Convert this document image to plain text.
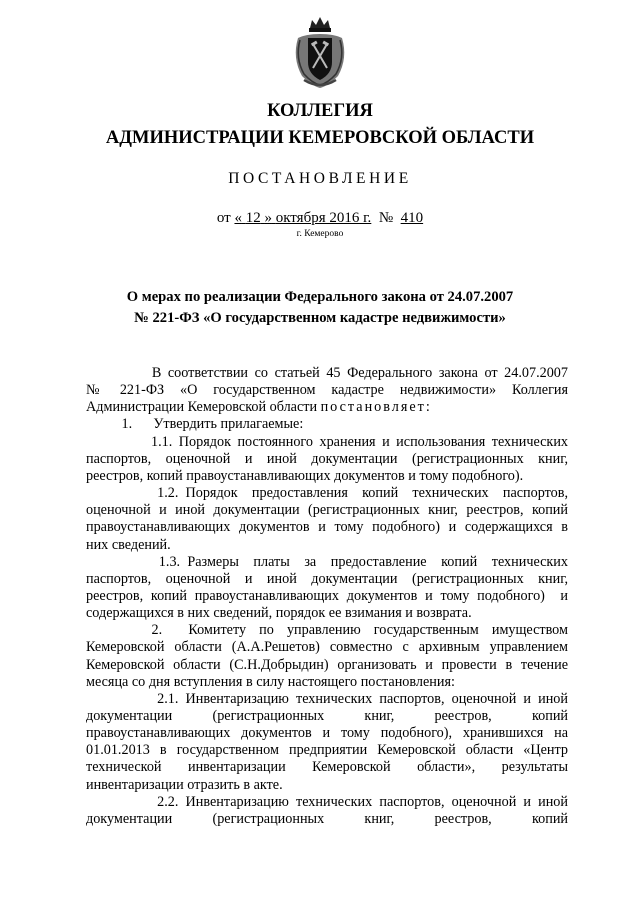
КОЛЛЕГИЯ
АДМИНИСТРАЦИИ КЕМЕРОВСКОЙ ОБЛАСТИ
ПОСТАНОВЛЕНИЕ
от « 12 » октября 2016 г. № 410
г. Кемерово
О мерах по реализации Федерального закона от 24.07.2007
№ 221-ФЗ «О государственном кадастре недвижимости»
В соответствии со статьей 45 Федерального закона от 24.07.2007
№  221-ФЗ  «О  государственном  кадастре  недвижимости»  Коллегия
Администрации Кемеровской области постановляет:
1.      Утвердить прилагаемые:
1.1. Порядок постоянного хранения и использования технических
паспортов, оценочной и иной документации (регистрационных книг,
реестров, копий правоустанавливающих документов и тому подобного).
1.2. Порядок  предоставления  копий  технических  паспортов,
оценочной и иной документации (регистрационных книг, реестров, копий
правоустанавливающих документов и тому подобного) и содержащихся в
них сведений.
1.3. Размеры  платы  за  предоставление  копий  технических
паспортов, оценочной и иной документации (регистрационных книг,
реестров, копий правоустанавливающих документов и тому подобного)  и
содержащихся в них сведений, порядок ее взимания и возврата.
2.    Комитету  по  управлению  государственным  имуществом
Кемеровской области (А.А.Решетов) совместно с архивным управлением
Кемеровской области (С.Н.Добрыдин) организовать и провести в течение
месяца со дня вступления в силу настоящего постановления:
2.1. Инвентаризацию технических паспортов, оценочной и иной
документации  (регистрационных  книг,  реестров,  копий
правоустанавливающих документов и тому подобного), хранившихся на
01.01.2013 в государственном предприятии Кемеровской области «Центр
технической  инвентаризации  Кемеровской  области»,  результаты
инвентаризации отразить в акте.
2.2. Инвентаризацию технических паспортов, оценочной и иной
документации  (регистрационных  книг,  реестров,  копий
